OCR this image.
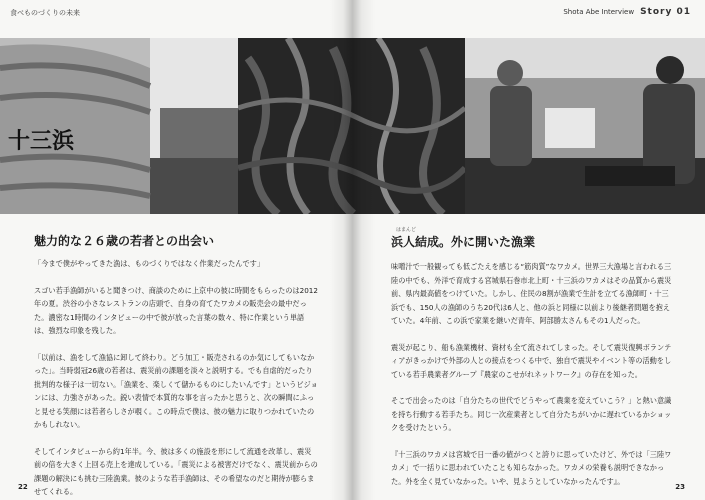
食べものづくりの未来	Shota Abe Interview Story 01
十三浜
魅力的な２６歳の若者との出会い

「今まで僕がやってきた漁は、ものづくりではなく作業だったんです」

スゴい若手漁師がいると聞きつけ、商談のために上京中の彼に時間をもらったのは2012年の夏。渋谷の小さなレストランの店頭で、自身の育てたワカメの販売会の最中だった。濃密な1時間のインタビューの中で彼が放った言葉の数々、特に作業という単語は、強烈な印象を残した。

「以前は、漁をして漁協に卸して終わり。どう加工・販売されるのか気にしてもいなかった」。当時弱冠26歳の若者は、震災前の課題を淡々と説明する。でも自虐的だったり批判的な様子は一切ない。「漁業を、楽しくて儲かるものにしたいんです」というビジョンには、力強さがあった。鋭い表情で本質的な事を言ったかと思うと、次の瞬間にふっと見せる笑顔には若者らしさが覗く。この時点で僕は、彼の魅力に取りつかれていたのかもしれない。

そしてインタビューから約1年半。今、彼は多くの施設を形にして流通を改革し、震災前の倍を大きく上回る売上を達成している。「震災による被害だけでなく、震災前からの課題の解決にも挑む三陸漁業。彼のような若手漁師は、その希望なのだと期待が膨らませてくれる。

22
はまんど
浜人結成。外に開いた漁業

味噌汁で一般観っても低ごたえを感じる“筋肉質”なワカメ。世界三大漁場と言われる三陸の中でも、外洋で育成する宮城県石巻市北上町・十三浜のワカメはその品質から震災前、県内最高値をつけていた。しかし、住民の8割が漁業で生計を立てる漁師町・十三浜でも、150人の漁師のうち20代は6人と、他の浜と同様に以前より後継者問題を抱えていた。4年前、この浜で家業を継いだ青年、阿部勝太さんもその1人だった。

震災が起こり、船も漁業機材、資材も全て流されてしまった。そして震災復興ボランティアがきっかけで外部の人との接点をつくる中で、独自で震災やイベント等の活動をしている若手農業者グループ『農家のこせがれネットワーク』の存在を知った。

そこで出会ったのは「自分たちの世代でどうやって農業を変えていこう？」と熱い意識を持ち行動する若手たち。同じ一次産業者として自分たちがいかに遅れているかショックを受けたという。

『十三浜のワカメは宮城で日一番の値がつくと誇りに思っていたけど、外では「三陸ワカメ」で一括りに思われていたことも知らなかった。ワカメの栄養も説明できなかった。外を全く見ていなかった。いや、見ようとしていなかったんです』。

23
